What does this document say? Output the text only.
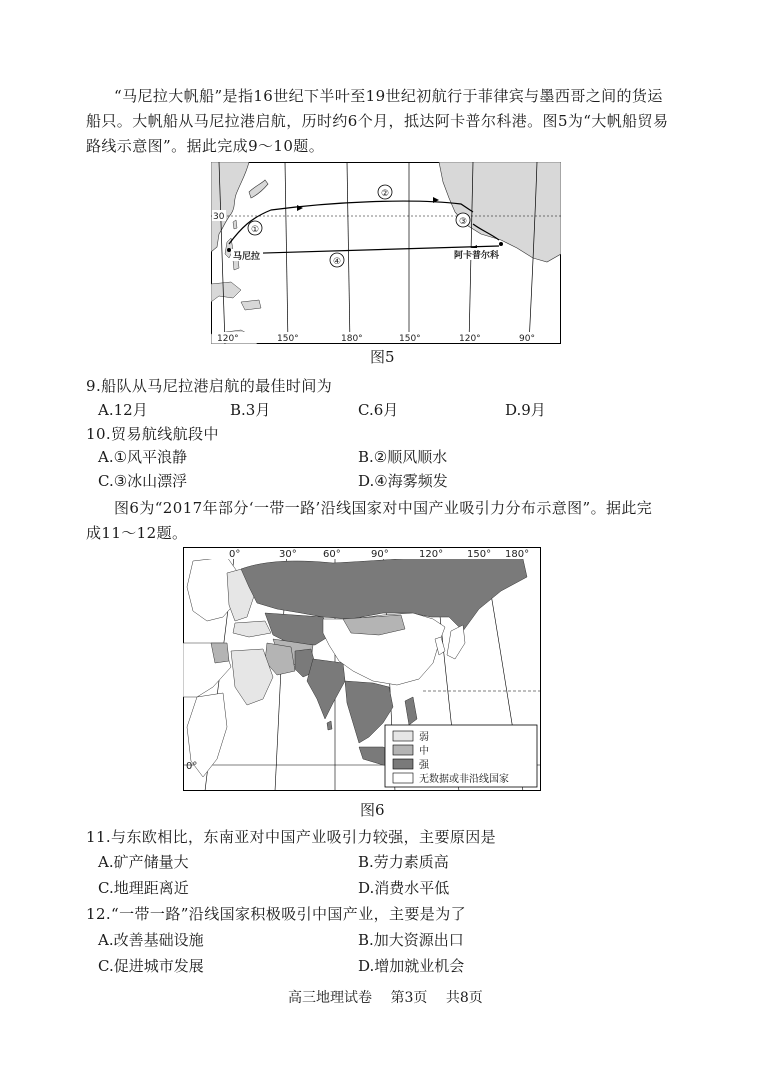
“马尼拉大帆船”是指16世纪下半叶至19世纪初航行于菲律宾与墨西哥之间的货运
船只。大帆船从马尼拉港启航，历时约6个月，抵达阿卡普尔科港。图5为“大帆船贸易
路线示意图”。据此完成9～10题。
①
②
③
④
马尼拉	阿卡普尔科
30
120°	150°	180°	150°	120°	90°
图5
9.船队从马尼拉港启航的最佳时间为
A.12月	B.3月	C.6月	D.9月
10.贸易航线航段中
A.①风平浪静	B.②顺风顺水
C.③冰山漂浮	D.④海雾频发
图6为“2017年部分‘一带一路’沿线国家对中国产业吸引力分布示意图”。据此完
成11～12题。
0°	30°	60°	90°	120° 150° 180°
0°
弱
中
强
无数据或非沿线国家
图6
11.与东欧相比，东南亚对中国产业吸引力较强，主要原因是
A.矿产储量大	B.劳力素质高
C.地理距离近	D.消费水平低
12.“一带一路”沿线国家积极吸引中国产业，主要是为了
A.改善基础设施	B.加大资源出口
C.促进城市发展	D.增加就业机会
高三地理试卷 第3页 共8页
